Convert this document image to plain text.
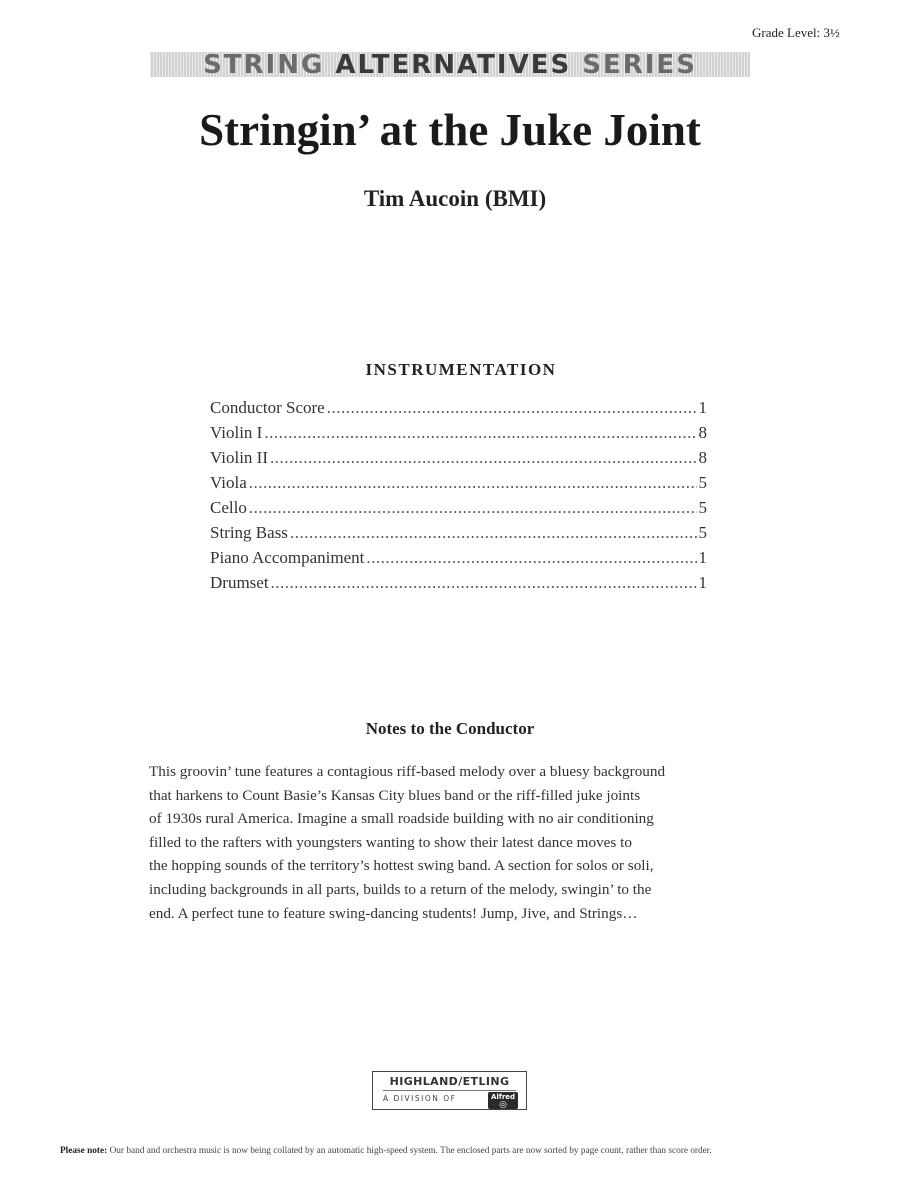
Grade Level: 3½
STRING
ALTERNATIVES
SERIES
Stringin’ at the Juke Joint
Tim Aucoin (BMI)
INSTRUMENTATION
Conductor Score .....	1
Violin I .....	8
Violin II .....	8
Viola .....	5
Cello .....	5
String Bass .....	5
Piano Accompaniment .....	1
Drumset .....	1
Notes to the Conductor
This groovin’ tune features a contagious riff-based melody over a bluesy background
that harkens to Count Basie’s Kansas City blues band or the riff-filled juke joints
of 1930s rural America. Imagine a small roadside building with no air conditioning
filled to the rafters with youngsters wanting to show their latest dance moves to
the hopping sounds of the territory’s hottest swing band. A section for solos or soli,
including backgrounds in all parts, builds to a return of the melody, swingin’ to the
end. A perfect tune to feature swing-dancing students! Jump, Jive, and Strings…
HIGHLAND/ETLING
A DIVISION OF	Alfred
◎
Please note: Our band and orchestra music is now being collated by an automatic high-speed system. The enclosed parts are now sorted by page count, rather than score order.
